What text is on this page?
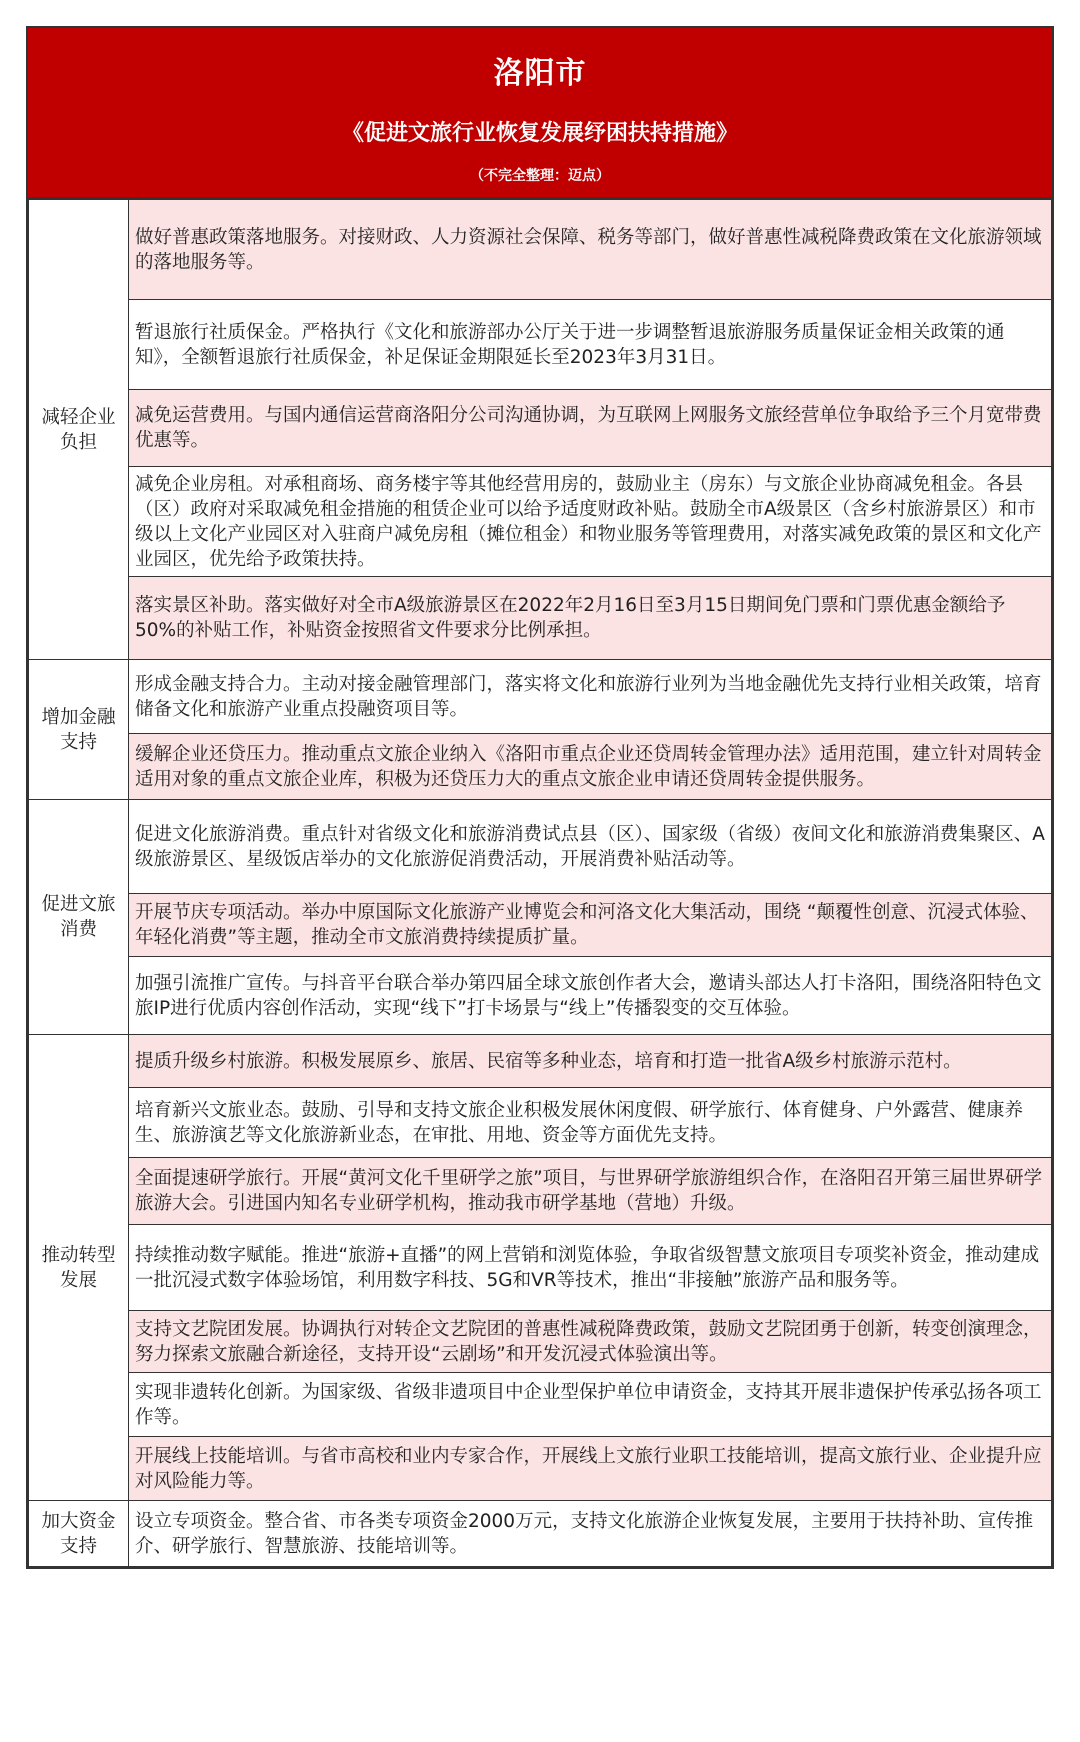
洛阳市
《促进文旅行业恢复发展纾困扶持措施》
（不完全整理：迈点）
减轻企业
负担	做好普惠政策落地服务。对接财政、人力资源社会保障、税务等部门，做好普惠性减税降费政策在文化旅游领域的落地服务等。
	暂退旅行社质保金。严格执行《文化和旅游部办公厅关于进一步调整暂退旅游服务质量保证金相关政策的通知》，全额暂退旅行社质保金，补足保证金期限延长至2023年3月31日。
	减免运营费用。与国内通信运营商洛阳分公司沟通协调，为互联网上网服务文旅经营单位争取给予三个月宽带费优惠等。
	减免企业房租。对承租商场、商务楼宇等其他经营用房的，鼓励业主（房东）与文旅企业协商减免租金。各县（区）政府对采取减免租金措施的租赁企业可以给予适度财政补贴。鼓励全市A级景区（含乡村旅游景区）和市级以上文化产业园区对入驻商户减免房租（摊位租金）和物业服务等管理费用，对落实减免政策的景区和文化产业园区，优先给予政策扶持。
	落实景区补助。落实做好对全市A级旅游景区在2022年2月16日至3月15日期间免门票和门票优惠金额给予50%的补贴工作，补贴资金按照省文件要求分比例承担。

增加金融
支持	形成金融支持合力。主动对接金融管理部门，落实将文化和旅游行业列为当地金融优先支持行业相关政策，培育储备文化和旅游产业重点投融资项目等。
	缓解企业还贷压力。推动重点文旅企业纳入《洛阳市重点企业还贷周转金管理办法》适用范围，建立针对周转金适用对象的重点文旅企业库，积极为还贷压力大的重点文旅企业申请还贷周转金提供服务。

促进文旅
消费	促进文化旅游消费。重点针对省级文化和旅游消费试点县（区）、国家级（省级）夜间文化和旅游消费集聚区、A 级旅游景区、星级饭店举办的文化旅游促消费活动，开展消费补贴活动等。
	开展节庆专项活动。举办中原国际文化旅游产业博览会和河洛文化大集活动，围绕 “颠覆性创意、沉浸式体验、年轻化消费”等主题，推动全市文旅消费持续提质扩量。
	加强引流推广宣传。与抖音平台联合举办第四届全球文旅创作者大会，邀请头部达人打卡洛阳，围绕洛阳特色文旅IP进行优质内容创作活动，实现“线下”打卡场景与“线上”传播裂变的交互体验。

推动转型
发展	提质升级乡村旅游。积极发展原乡、旅居、民宿等多种业态，培育和打造一批省A级乡村旅游示范村。
	培育新兴文旅业态。鼓励、引导和支持文旅企业积极发展休闲度假、研学旅行、体育健身、户外露营、健康养生、旅游演艺等文化旅游新业态，在审批、用地、资金等方面优先支持。
	全面提速研学旅行。开展“黄河文化千里研学之旅”项目，与世界研学旅游组织合作，在洛阳召开第三届世界研学旅游大会。引进国内知名专业研学机构，推动我市研学基地（营地）升级。
	持续推动数字赋能。推进“旅游+直播”的网上营销和浏览体验，争取省级智慧文旅项目专项奖补资金，推动建成一批沉浸式数字体验场馆，利用数字科技、5G和VR等技术，推出“非接触”旅游产品和服务等。
	支持文艺院团发展。协调执行对转企文艺院团的普惠性减税降费政策，鼓励文艺院团勇于创新，转变创演理念，努力探索文旅融合新途径，支持开设“云剧场”和开发沉浸式体验演出等。
	实现非遗转化创新。为国家级、省级非遗项目中企业型保护单位申请资金，支持其开展非遗保护传承弘扬各项工作等。
	开展线上技能培训。与省市高校和业内专家合作，开展线上文旅行业职工技能培训，提高文旅行业、企业提升应对风险能力等。

加大资金
支持	设立专项资金。整合省、市各类专项资金2000万元，支持文化旅游企业恢复发展，主要用于扶持补助、宣传推介、研学旅行、智慧旅游、技能培训等。
